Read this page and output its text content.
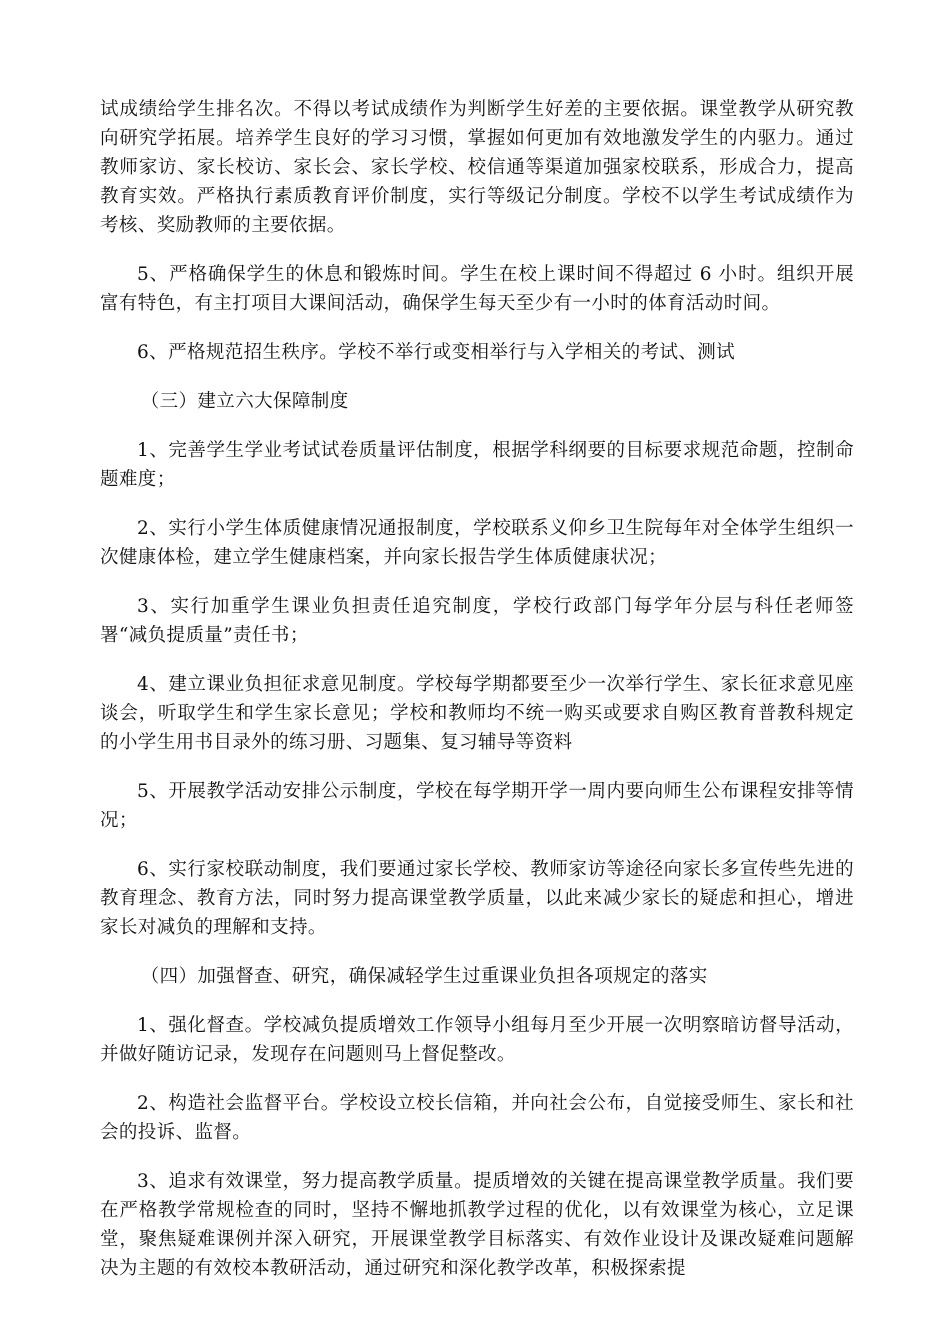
试成绩给学生排名次。不得以考试成绩作为判断学生好差的主要依据。课堂教学从研究教向研究学拓展。培养学生良好的学习习惯，掌握如何更加有效地激发学生的内驱力。通过教师家访、家长校访、家长会、家长学校、校信通等渠道加强家校联系，形成合力，提高教育实效。严格执行素质教育评价制度，实行等级记分制度。学校不以学生考试成绩作为考核、奖励教师的主要依据。

5、严格确保学生的休息和锻炼时间。学生在校上课时间不得超过 6 小时。组织开展富有特色，有主打项目大课间活动，确保学生每天至少有一小时的体育活动时间。

6、严格规范招生秩序。学校不举行或变相举行与入学相关的考试、测试

（三）建立六大保障制度

1、完善学生学业考试试卷质量评估制度，根据学科纲要的目标要求规范命题，控制命题难度；

2、实行小学生体质健康情况通报制度，学校联系义仰乡卫生院每年对全体学生组织一次健康体检，建立学生健康档案，并向家长报告学生体质健康状况；

3、实行加重学生课业负担责任追究制度，学校行政部门每学年分层与科任老师签署“减负提质量”责任书；

4、建立课业负担征求意见制度。学校每学期都要至少一次举行学生、家长征求意见座谈会，听取学生和学生家长意见；学校和教师均不统一购买或要求自购区教育普教科规定的小学生用书目录外的练习册、习题集、复习辅导等资料

5、开展教学活动安排公示制度，学校在每学期开学一周内要向师生公布课程安排等情况；

6、实行家校联动制度，我们要通过家长学校、教师家访等途径向家长多宣传些先进的教育理念、教育方法，同时努力提高课堂教学质量，以此来减少家长的疑虑和担心，增进家长对减负的理解和支持。

（四）加强督查、研究，确保减轻学生过重课业负担各项规定的落实

1、强化督查。学校减负提质增效工作领导小组每月至少开展一次明察暗访督导活动，并做好随访记录，发现存在问题则马上督促整改。

2、构造社会监督平台。学校设立校长信箱，并向社会公布，自觉接受师生、家长和社会的投诉、监督。

3、追求有效课堂，努力提高教学质量。提质增效的关键在提高课堂教学质量。我们要在严格教学常规检查的同时，坚持不懈地抓教学过程的优化，以有效课堂为核心，立足课堂，聚焦疑难课例并深入研究，开展课堂教学目标落实、有效作业设计及课改疑难问题解决为主题的有效校本教研活动，通过研究和深化教学改革，积极探索提
